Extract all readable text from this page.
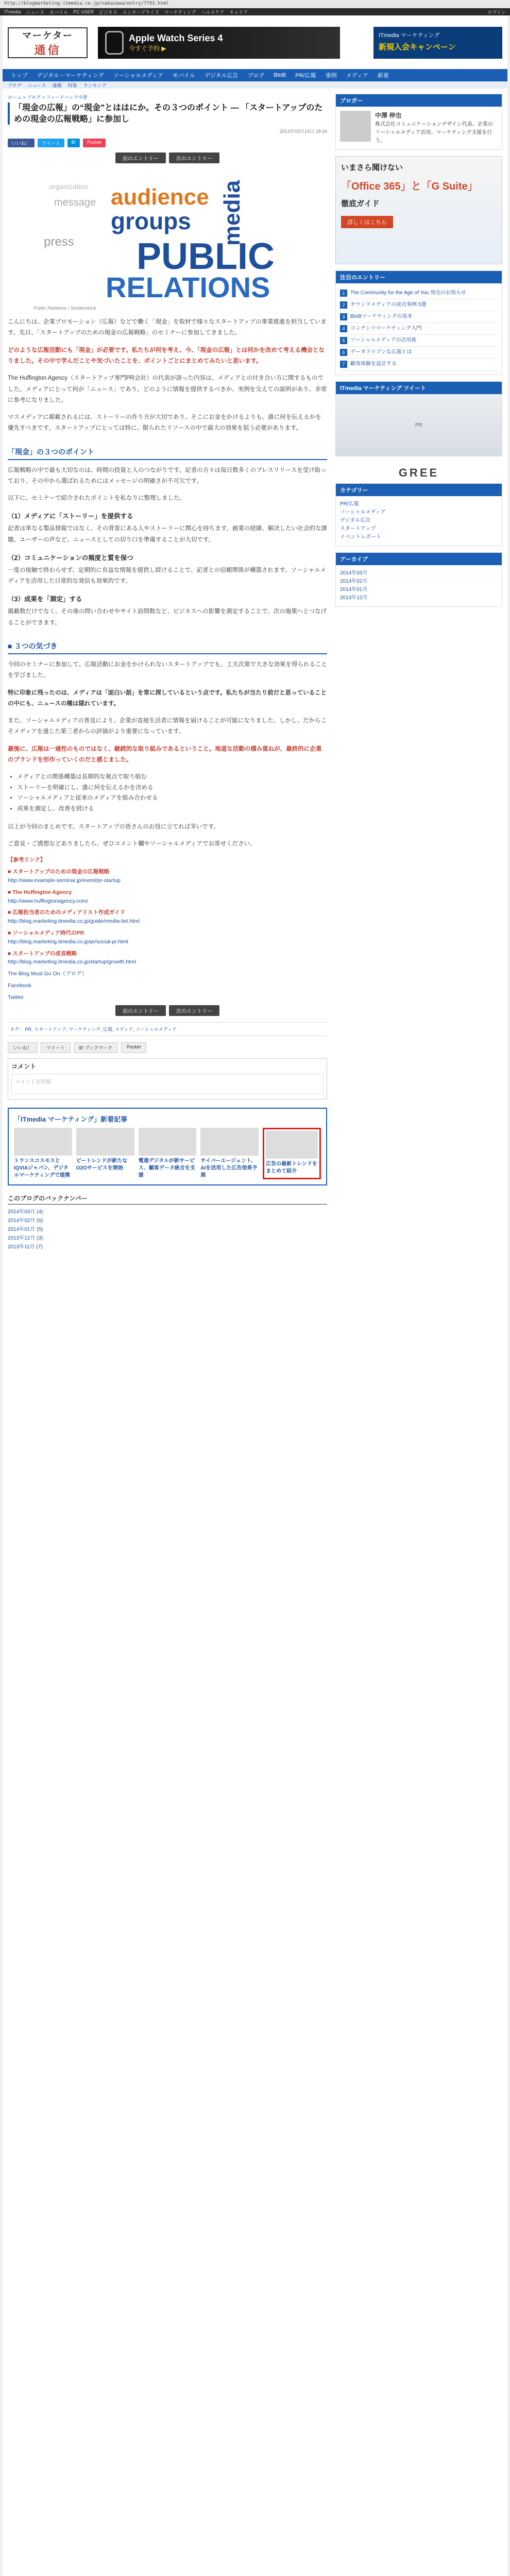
http://blogmarketing.itmedia.co.jp/nakazawa/entry/7793.html
ITmedia ニュース モバイル PC USER ビジネス エンタープライズ マーケティング ヘルスケア キャリア	ログイン
マーケター
通信
Apple Watch Series 4
今すぐ予約 ▶
ITmedia マーケティング
新規入会キャンペーン
トップ	デジタル・マーケティング	ソーシャルメディア	モバイル	デジタル広告	ブログ	BtoB	PR/広報	事例	メディア	新着
ブログ ニュース 連載 特集 ランキング
ホーム > ブログ > フィードバック中澤
「現金の広報」の“現金”とははにか。その３つのポイント ― 「スタートアップのための現金の広報戦略」に参加し
2014年03月19日 18:34
いいね！	ツイート	B!	Pocket
前のエントリー	次のエントリー
organization
message audience
groups
press	media
PUBLIC
RELATIONS
Public Relations / Shutterstock

こんにちは、企業プロモーション（広報）などで働く「現金」を取材で様々なスタートアップの事業推進を担当しています。先日、「スタートアップのための現金の広報戦略」のセミナーに参加してきました。

どのような広報活動にも「現金」が必要です。私たちが何を考え、今、「現金の広報」とは何かを改めて考える機会となりました。その中で学んだことや気づいたことを、ポイントごとにまとめてみたいと思います。

The Huffington Agency（スタートアップ専門PR会社）の代表が語った内容は、メディアとの付き合い方に関するものでした。メディアにとって何が「ニュース」であり、どのように情報を提供するべきか、実例を交えての説明があり、非常に参考になりました。

マスメディアに掲載されるには、ストーリーの作り方が大切であり、そこにお金をかけるよりも、誰に何を伝えるかを優先すべきです。スタートアップにとっては特に、限られたリソースの中で最大の効果を狙う必要があります。

「現金」の３つのポイント

広報戦略の中で最も大切なのは、時間の投資と人のつながりです。記者の方々は毎日数多くのプレスリリースを受け取っており、その中から選ばれるためにはメッセージの明確さが不可欠です。

以下に、セミナーで紹介されたポイントを私なりに整理しました。

（1）メディアに「ストーリー」を提供する

記者は単なる製品情報ではなく、その背景にある人やストーリーに関心を持ちます。創業の経緯、解決したい社会的な課題、ユーザーの声など、ニュースとしての切り口を準備することが大切です。

（2）コミュニケーションの頻度と質を保つ

一度の接触で終わらせず、定期的に有益な情報を提供し続けることで、記者との信頼関係が構築されます。ソーシャルメディアを活用した日常的な発信も効果的です。

（3）成果を「測定」する

掲載数だけでなく、その後の問い合わせやサイト訪問数など、ビジネスへの影響を測定することで、次の施策へとつなげることができます。

■ ３つの気づき

今回のセミナーに参加して、広報活動にお金をかけられないスタートアップでも、工夫次第で大きな効果を得られることを学びました。

特に印象に残ったのは、メディアは「面白い話」を常に探しているという点です。私たちが当たり前だと思っていることの中にも、ニュースの種は隠れています。

また、ソーシャルメディアの普及により、企業が直接生活者に情報を届けることが可能になりました。しかし、だからこそメディアを通じた第三者からの評価がより重要になっています。

最後に、広報は一過性のものではなく、継続的な取り組みであるということ。地道な活動の積み重ねが、最終的に企業のブランドを形作っていくのだと感じました。

• メディアとの関係構築は長期的な視点で取り組む
• ストーリーを明確にし、誰に何を伝えるかを決める
• ソーシャルメディアと従来のメディアを組み合わせる
• 成果を測定し、改善を続ける

以上が今回のまとめです。スタートアップの皆さんのお役に立てれば幸いです。

ご意見・ご感想などありましたら、ぜひコメント欄やソーシャルメディアでお寄せください。

【参考リンク】

■ スタートアップのための現金の広報戦略
http://www.example-seminar.jp/event/pr-startup

■ The Huffington Agency
http://www.huffingtonagency.com/

■ 広報担当者のためのメディアリスト作成ガイド
http://blog.marketing.itmedia.co.jp/guide/media-list.html

■ ソーシャルメディア時代のPR
http://blog.marketing.itmedia.co.jp/pr/social-pr.html

■ スタートアップの成長戦略
http://blog.marketing.itmedia.co.jp/startup/growth.html

The Blog Must Go On（ブログ）

Facebook

Twitter

前のエントリー	次のエントリー
タグ： PR, スタートアップ, マーケティング, 広報, メディア, ソーシャルメディア
いいね！	ツイート	B! ブックマーク	Pocket
コメント
コメントを投稿
「ITmedia マーケティング」新着記事
トランスコスモスとIQVIAジャパン、デジタルマーケティングで提携
ビートレンドが新たなO2Oサービスを開始
電通デジタルが新サービス、顧客データ統合を支援
サイバーエージェント、AIを活用した広告効果予測
広告の最新トレンドをまとめて紹介
このブログのバックナンバー

2014年03月 (4)

2014年02月 (6)

2014年01月 (5)

2013年12月 (3)

2013年11月 (7)

ブロガー
中澤 伸也
株式会社コミュニケーションデザイン代表。企業のソーシャルメディア活用、マーケティング支援を行う。
いまさら聞けない
「Office 365」と「G Suite」
徹底ガイド
詳しくはこちら
注目のエントリー
1	The Community for the Age of You 発売のお知らせ
2	オウンドメディアの成功事例 5選
3	BtoBマーケティングの基本
4	コンテンツマーケティング入門
5	ソーシャルメディアの活用術
6	データドリブンな広報とは
7	顧客体験を設計する
ITmedia マーケティング ツイート
PR
GREE
カテゴリー
PR/広報
ソーシャルメディア
デジタル広告
スタートアップ
イベントレポート
アーカイブ
2014年03月
2014年02月
2014年01月
2013年12月
